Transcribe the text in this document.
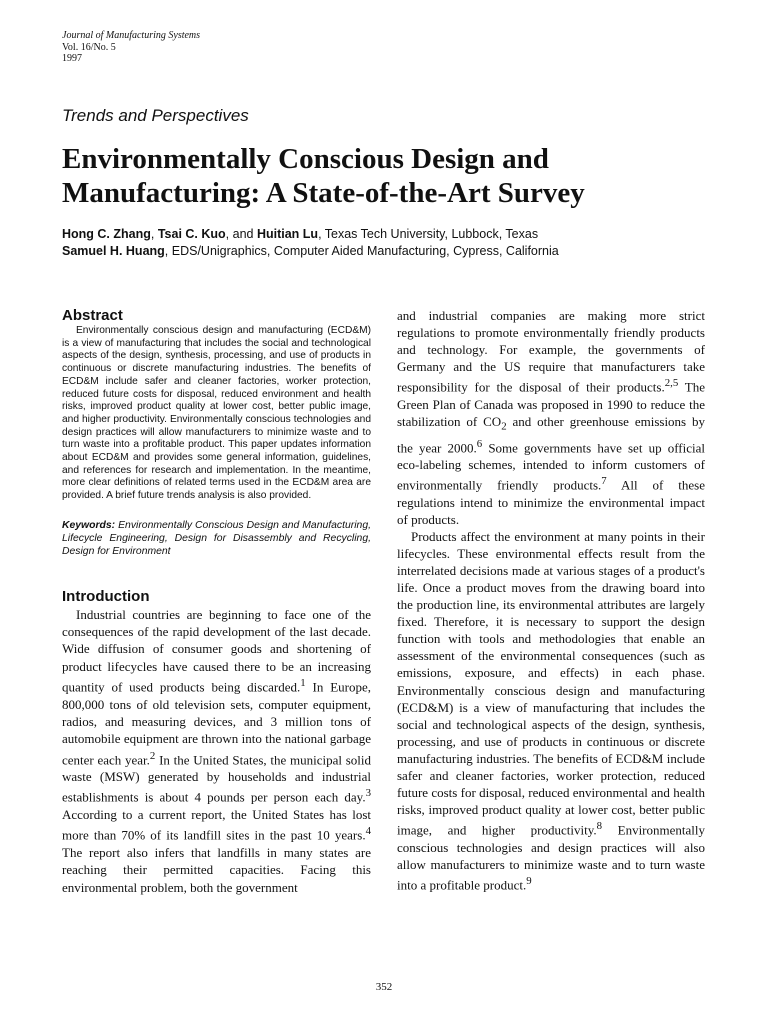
Journal of Manufacturing Systems
Vol. 16/No. 5
1997
Trends and Perspectives
Environmentally Conscious Design and
Manufacturing: A State-of-the-Art Survey
Hong C. Zhang, Tsai C. Kuo, and Huitian Lu, Texas Tech University, Lubbock, Texas
Samuel H. Huang, EDS/Unigraphics, Computer Aided Manufacturing, Cypress, California
Abstract

Environmentally conscious design and manufacturing (ECD&M) is a view of manufacturing that includes the social and technological aspects of the design, synthesis, processing, and use of products in continuous or discrete manufacturing industries. The benefits of ECD&M include safer and cleaner factories, worker protection, reduced future costs for disposal, reduced environment and health risks, improved product quality at lower cost, better public image, and higher productivity. Environmentally conscious technologies and design practices will allow manufacturers to minimize waste and to turn waste into a profitable product. This paper updates information about ECD&M and provides some general information, guidelines, and references for research and implementation. In the meantime, more clear definitions of related terms used in the ECD&M area are provided. A brief future trends analysis is also provided.

Keywords: Environmentally Conscious Design and Manufacturing, Lifecycle Engineering, Design for Disassembly and Recycling, Design for Environment

Introduction

Industrial countries are beginning to face one of the consequences of the rapid development of the last decade. Wide diffusion of consumer goods and shortening of product lifecycles have caused there to be an increasing quantity of used products being discarded.$^1$ In Europe, 800,000 tons of old television sets, computer equipment, radios, and measuring devices, and 3 million tons of automobile equipment are thrown into the national garbage center each year.$^2$ In the United States, the municipal solid waste (MSW) generated by households and industrial establishments is about 4 pounds per person each day.$^3$ According to a current report, the United States has lost more than 70% of its landfill sites in the past 10 years.$^4$ The report also infers that landfills in many states are reaching their permitted capacities. Facing this environmental problem, both the government

and industrial companies are making more strict regulations to promote environmentally friendly products and technology. For example, the governments of Germany and the US require that manufacturers take responsibility for the disposal of their products.$^{2,5}$ The Green Plan of Canada was proposed in 1990 to reduce the stabilization of $CO_2$ and other greenhouse emissions by the year 2000.$^6$ Some governments have set up official eco-labeling schemes, intended to inform customers of environmentally friendly products.$^7$ All of these regulations intend to minimize the environmental impact of products.

Products affect the environment at many points in their lifecycles. These environmental effects result from the interrelated decisions made at various stages of a product's life. Once a product moves from the drawing board into the production line, its environmental attributes are largely fixed. Therefore, it is necessary to support the design function with tools and methodologies that enable an assessment of the environmental consequences (such as emissions, exposure, and effects) in each phase. Environmentally conscious design and manufacturing (ECD&M) is a view of manufacturing that includes the social and technological aspects of the design, synthesis, processing, and use of products in continuous or discrete manufacturing industries. The benefits of ECD&M include safer and cleaner factories, worker protection, reduced future costs for disposal, reduced environmental and health risks, improved product quality at lower cost, better public image, and higher productivity.$^8$ Environmentally conscious technologies and design practices will also allow manufacturers to minimize waste and to turn waste into a profitable product.$^9$

352
